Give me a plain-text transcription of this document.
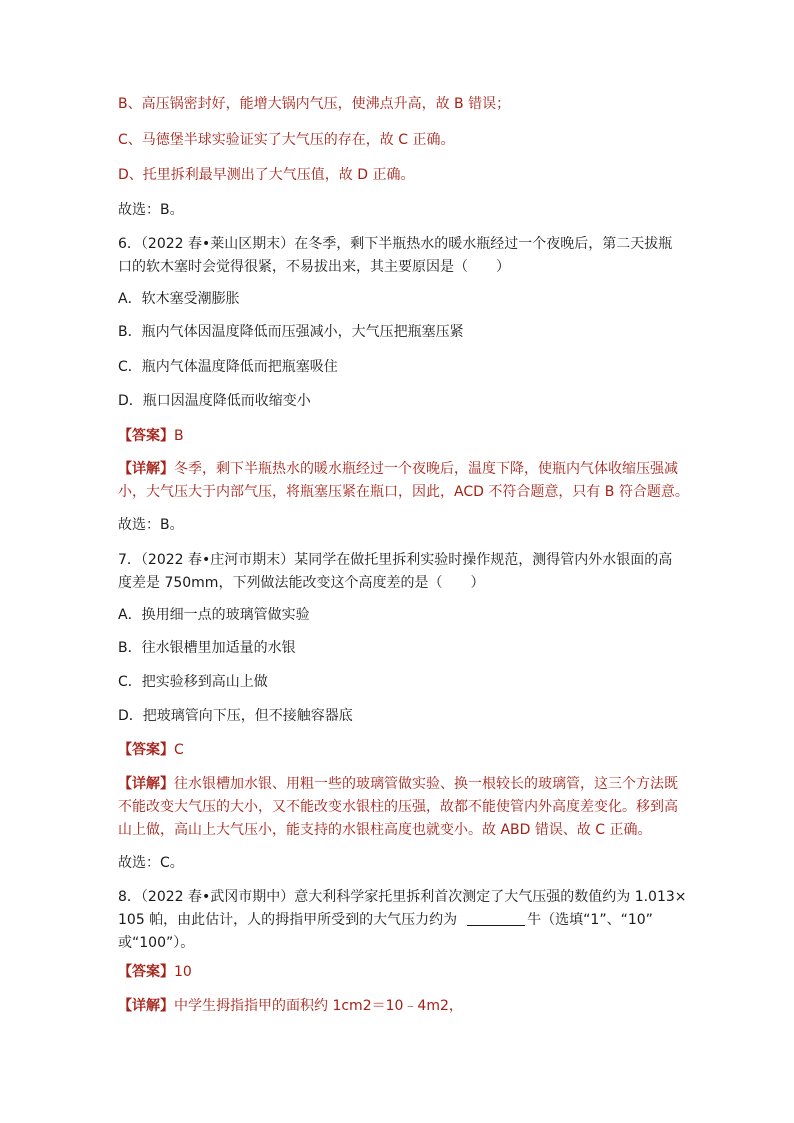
B、高压锅密封好，能增大锅内气压，使沸点升高，故 B 错误；
C、马德堡半球实验证实了大气压的存在，故 C 正确。
D、托里拆利最早测出了大气压值，故 D 正确。
故选：B。
6．（2022 春•莱山区期末）在冬季，剩下半瓶热水的暖水瓶经过一个夜晚后，第二天拔瓶
口的软木塞时会觉得很紧，不易拔出来，其主要原因是（　　）
A．软木塞受潮膨胀
B．瓶内气体因温度降低而压强减小，大气压把瓶塞压紧
C．瓶内气体温度降低而把瓶塞吸住
D．瓶口因温度降低而收缩变小
【答案】B
【详解】冬季，剩下半瓶热水的暖水瓶经过一个夜晚后，温度下降，使瓶内气体收缩压强减
小，大气压大于内部气压，将瓶塞压紧在瓶口，因此，ACD 不符合题意，只有 B 符合题意。
故选：B。
7．（2022 春•庄河市期末）某同学在做托里拆利实验时操作规范，测得管内外水银面的高
度差是 750mm，下列做法能改变这个高度差的是（　　）
A．换用细一点的玻璃管做实验
B．往水银槽里加适量的水银
C．把实验移到高山上做
D．把玻璃管向下压，但不接触容器底
【答案】C
【详解】往水银槽加水银、用粗一些的玻璃管做实验、换一根较长的玻璃管，这三个方法既
不能改变大气压的大小，又不能改变水银柱的压强，故都不能使管内外高度差变化。移到高
山上做，高山上大气压小，能支持的水银柱高度也就变小。故 ABD 错误、故 C 正确。
故选：C。
8．（2022 春•武冈市期中）意大利科学家托里拆利首次测定了大气压强的数值约为 1.013×
105 帕，由此估计，人的拇指甲所受到的大气压力约为	牛（选填“1”、“10”
或“100”）。
【答案】10
【详解】中学生拇指指甲的面积约 1cm2＝10﹣4m2，
